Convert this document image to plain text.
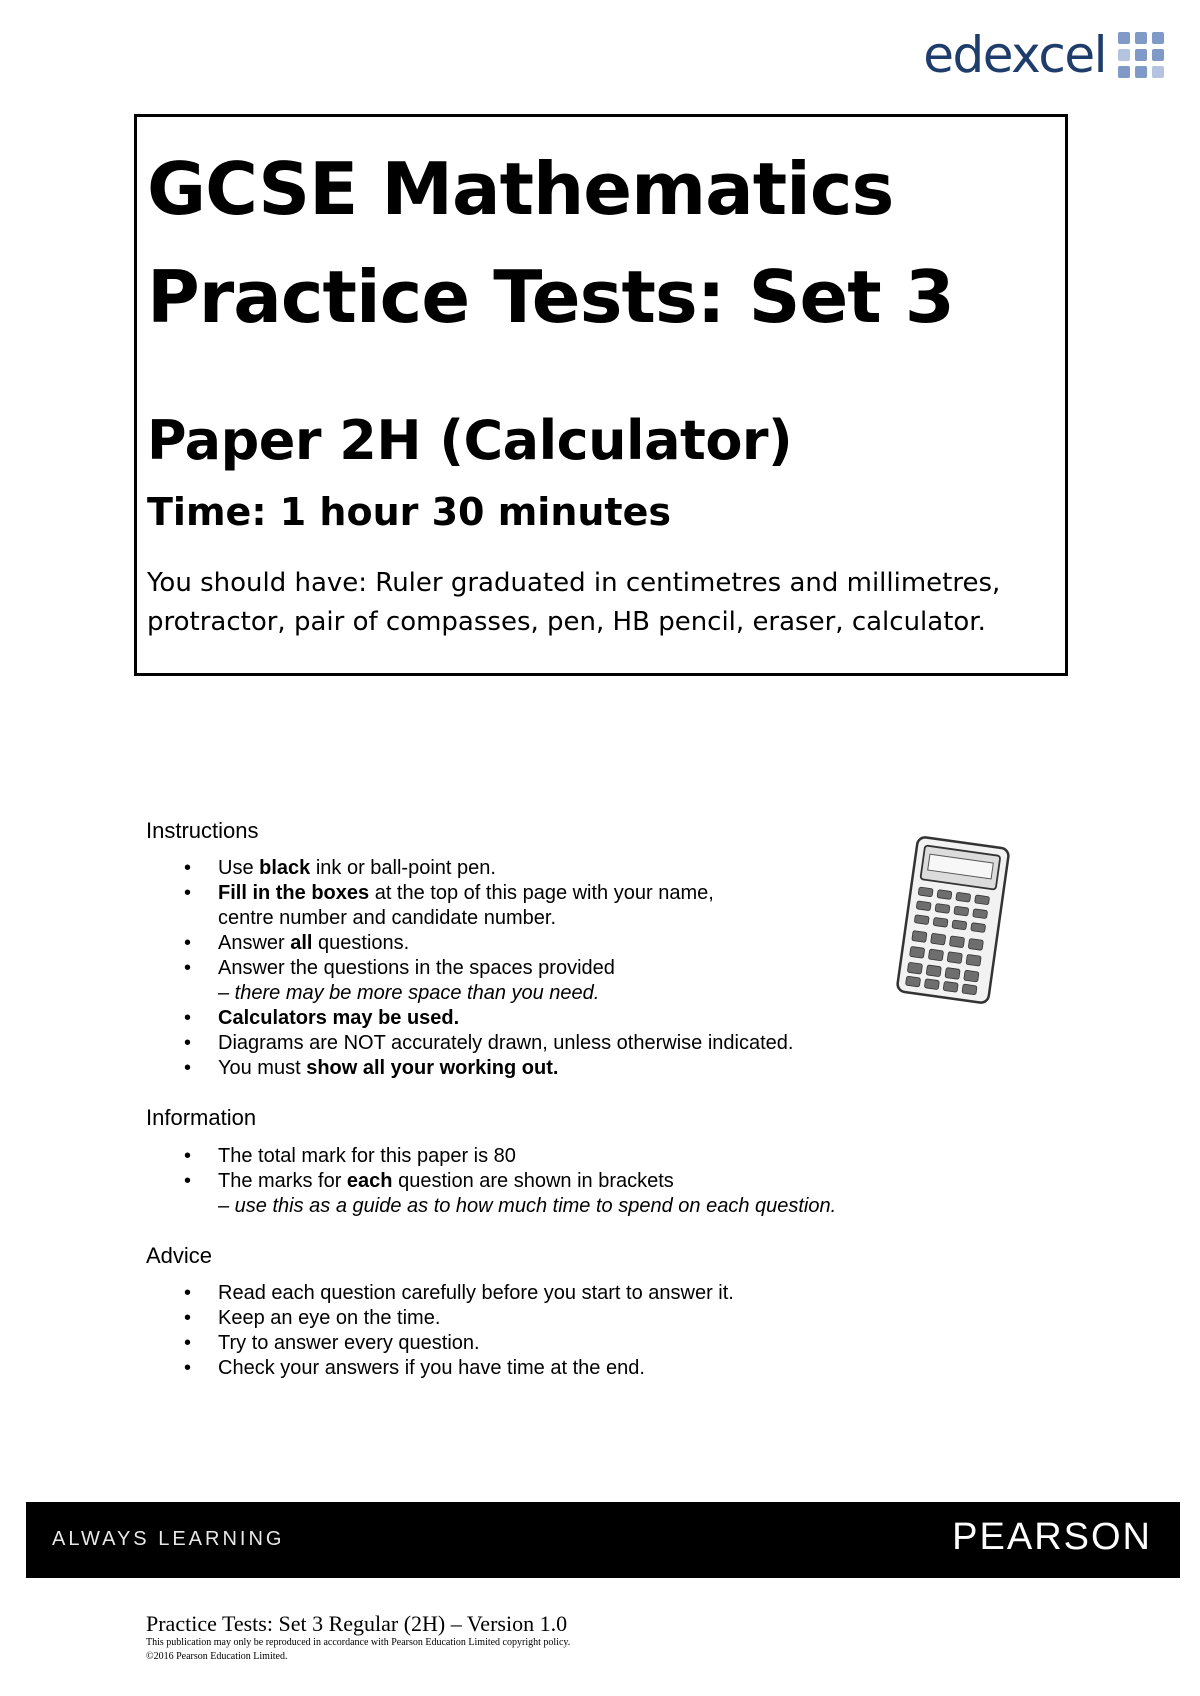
edexcel

GCSE Mathematics

Practice Tests: Set 3

Paper 2H (Calculator)

Time: 1 hour 30 minutes

You should have: Ruler graduated in centimetres and millimetres,
protractor, pair of compasses, pen, HB pencil, eraser, calculator.

Instructions
• Use black ink or ball-point pen.
• Fill in the boxes at the top of this page with your name,
centre number and candidate number.
• Answer all questions.
• Answer the questions in the spaces provided
– there may be more space than you need.
• Calculators may be used.
• Diagrams are NOT accurately drawn, unless otherwise indicated.
• You must show all your working out.
Information
• The total mark for this paper is 80
• The marks for each question are shown in brackets
– use this as a guide as to how much time to spend on each question.
Advice
• Read each question carefully before you start to answer it.
• Keep an eye on the time.
• Try to answer every question.
• Check your answers if you have time at the end.
ALWAYS LEARNING	PEARSON

Practice Tests: Set 3 Regular (2H) – Version 1.0

This publication may only be reproduced in accordance with Pearson Education Limited copyright policy.

©2016 Pearson Education Limited.
